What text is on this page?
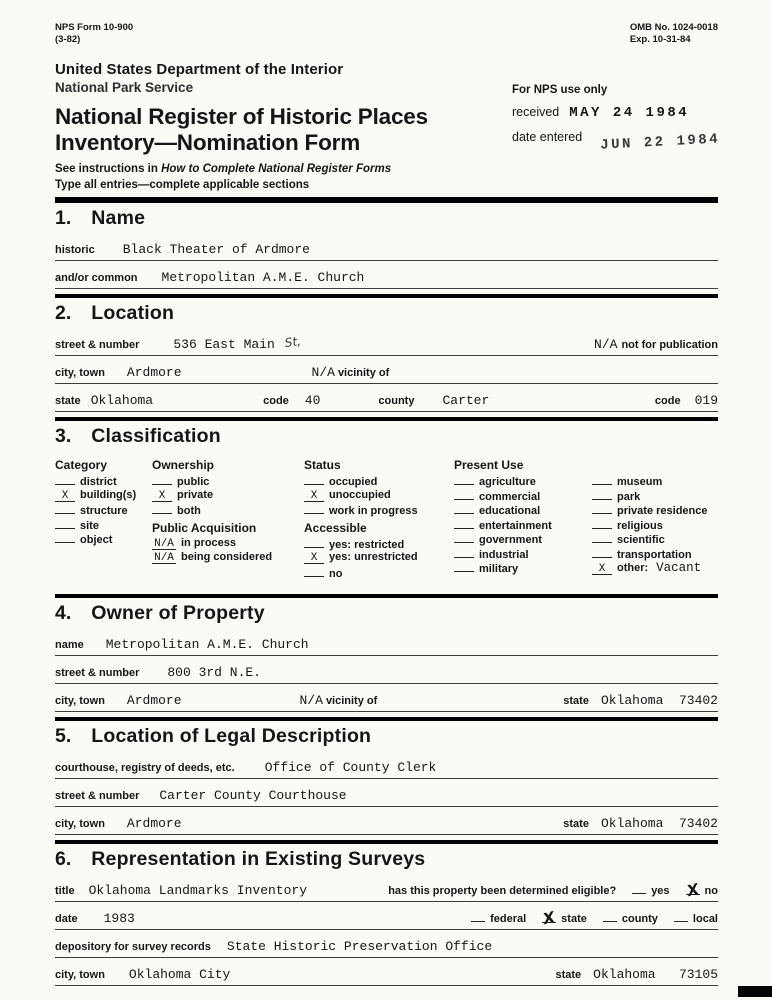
NPS Form 10-900
(3-82)
OMB No. 1024-0018
Exp. 10-31-84
United States Department of the Interior
National Park Service
National Register of Historic Places
Inventory—Nomination Form
See instructions in How to Complete National Register Forms
Type all entries—complete applicable sections
For NPS use only
received MAY 24 1984
date entered JUN 22 1984
1. Name
historic Black Theater of Ardmore
and/or common Metropolitan A.M.E. Church
2. Location
street & number	536 East Main St,	N/A not for publication
city, town Ardmore	N/A vicinity of
state Oklahoma	code 40	county Carter	code 019
3. Classification
Category
district
X	building(s)
structure
site
object
Ownership
public
X	private
both
Public Acquisition
N/A in process
N/A being considered
Status
occupied
X	unoccupied
work in progress
Accessible
yes: restricted
X	yes: unrestricted
no
Present Use
agriculture
commercial
educational
entertainment
government
industrial
military
museum
park
private residence
religious
scientific
transportation
X	other: Vacant
4. Owner of Property
name Metropolitan A.M.E. Church
street & number 800 3rd N.E.
city, town Ardmore	N/A vicinity of	state Oklahoma  73402
5. Location of Legal Description
courthouse, registry of deeds, etc. Office of County Clerk
street & number Carter County Courthouse
city, town Ardmore	state Oklahoma  73402
6. Representation in Existing Surveys
title Oklahoma Landmarks Inventory	has this property been determined eligible?	yes X no
date 1983	federal X state	county	local
depository for survey records State Historic Preservation Office
city, town Oklahoma City	state Oklahoma   73105
